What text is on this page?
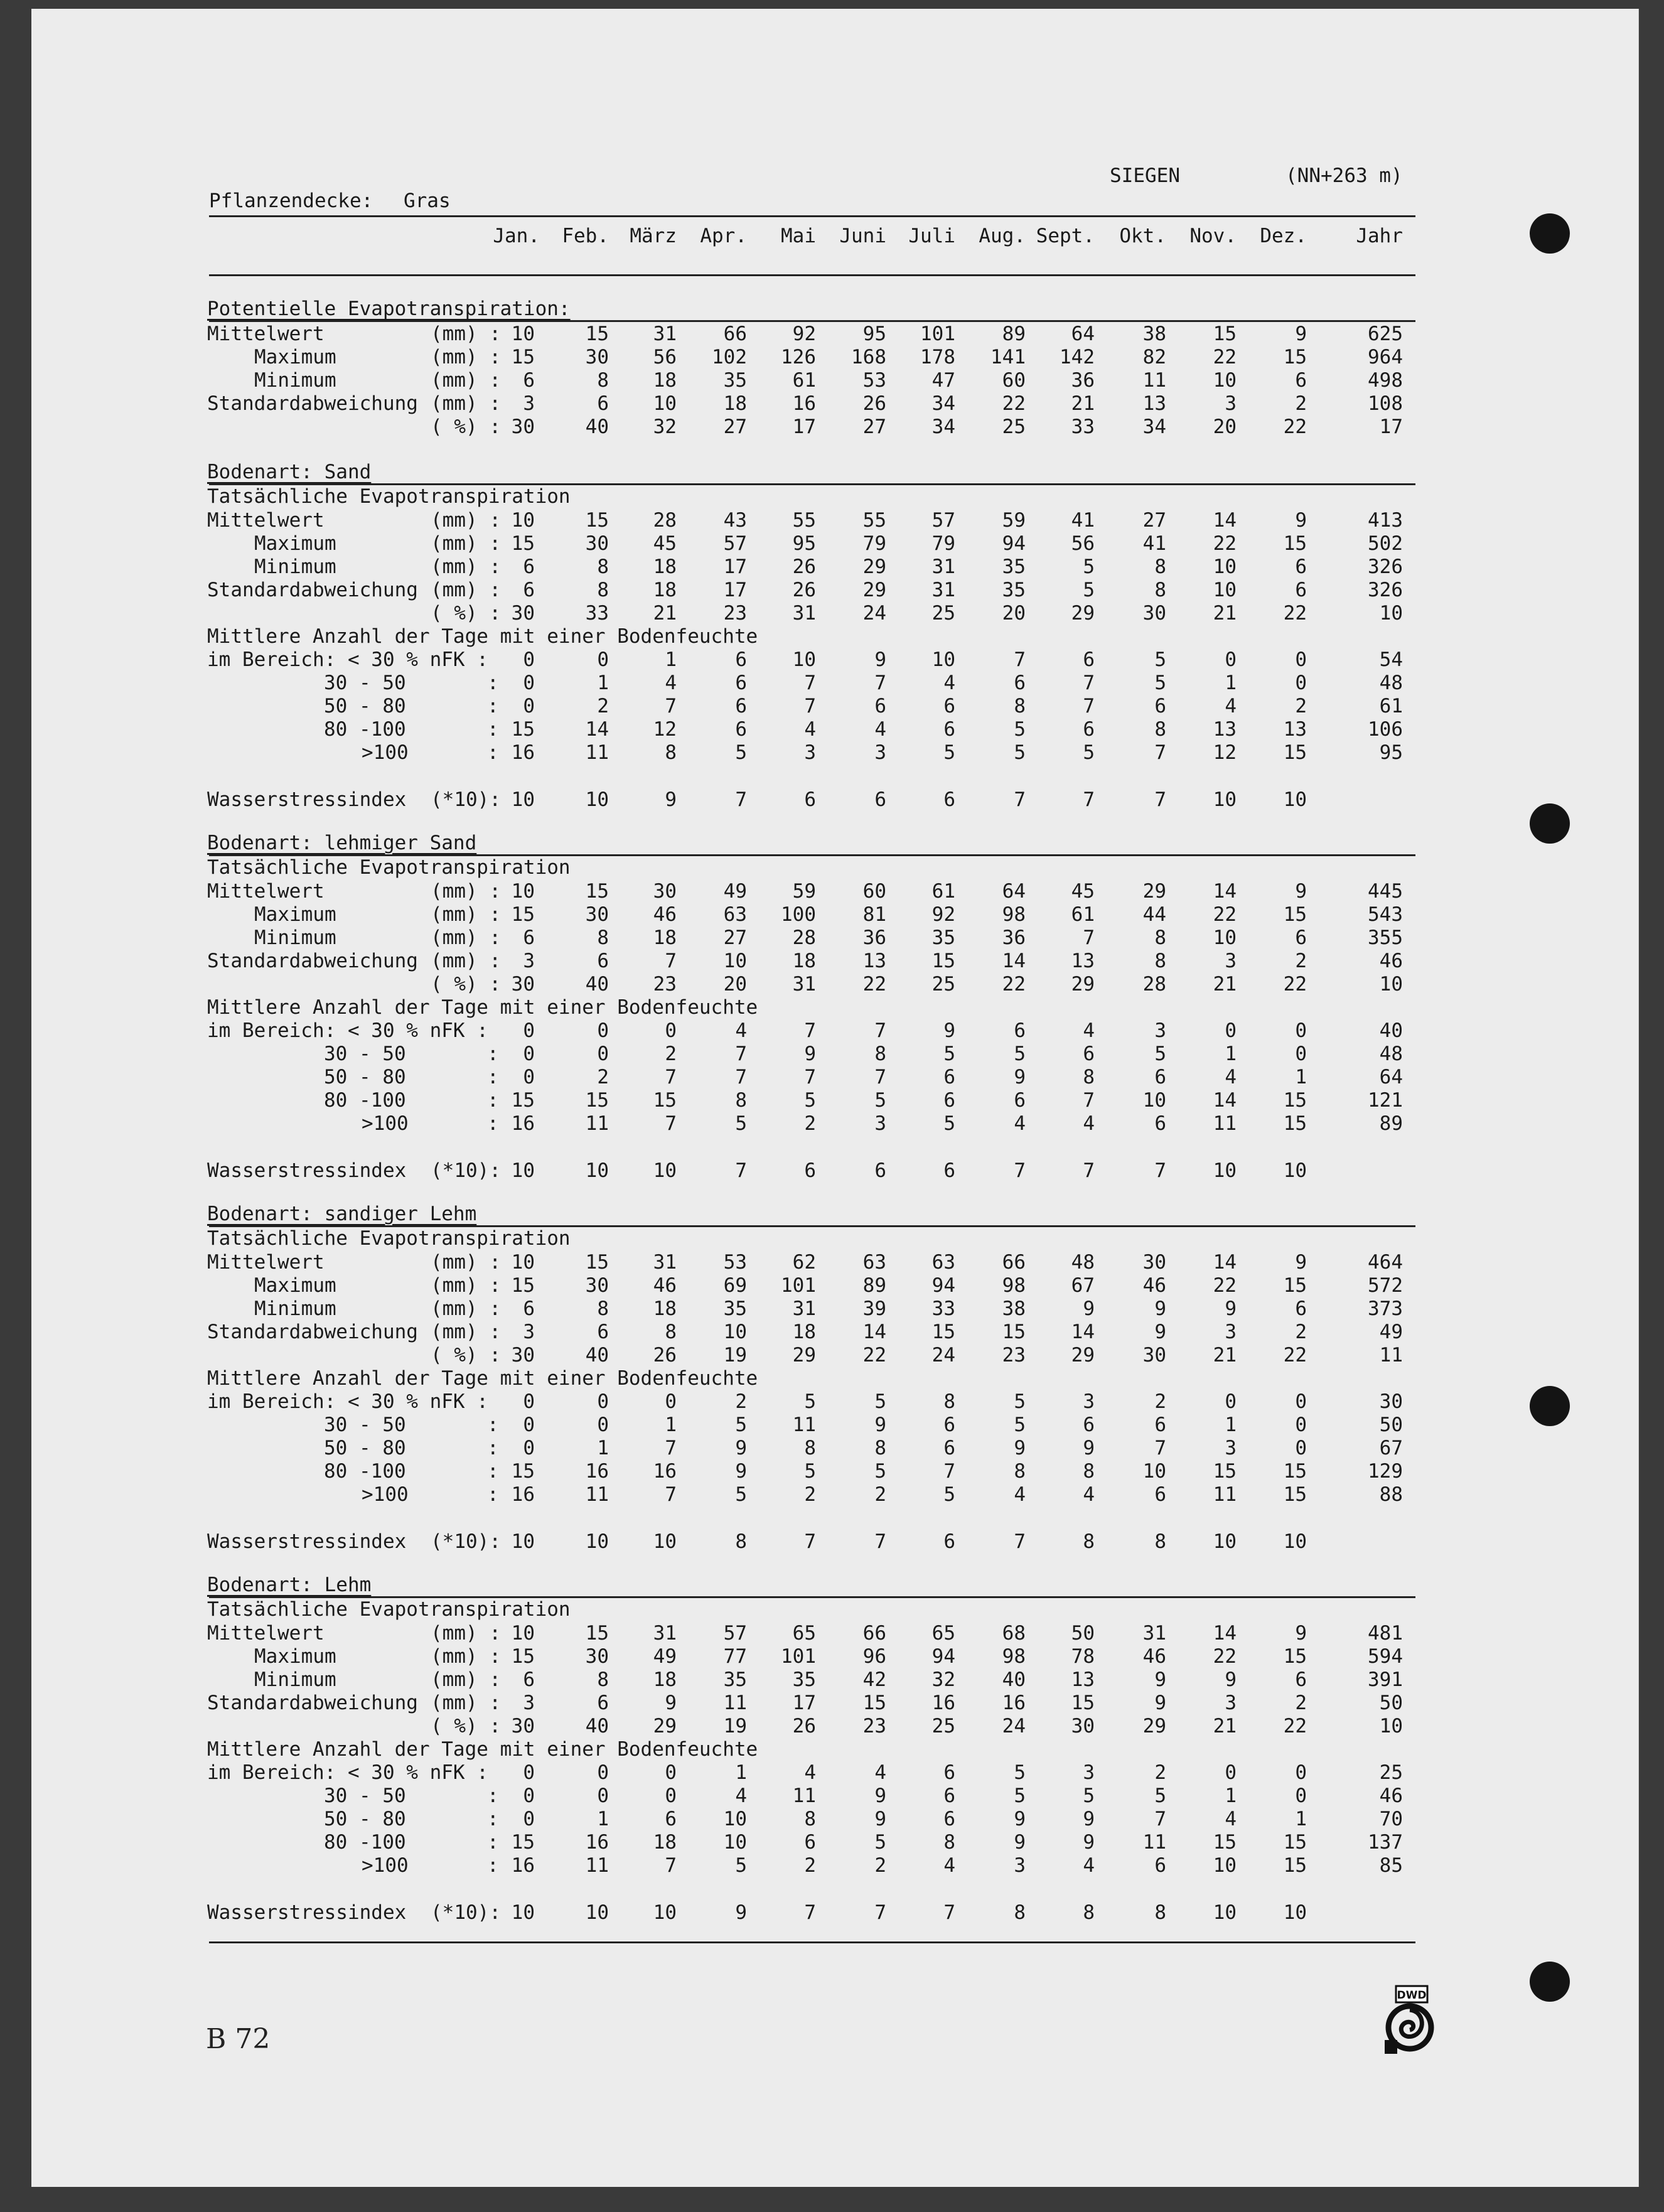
SIEGEN	(NN+263 m)
Pflanzendecke: Gras
Jan.	Feb.	März	Apr.	Mai	Juni	Juli	Aug. Sept.	Okt.	Nov.	Dez.	Jahr
Potentielle Evapotranspiration:
Mittelwert	(mm) : 10	15	31	66	92	95	101	89	64	38	15	9	625
Maximum	(mm) : 15	30	56	102	126	168	178	141	142	82	22	15	964
Minimum	(mm) :	6	8	18	35	61	53	47	60	36	11	10	6	498
Standardabweichung (mm) :	3	6	10	18	16	26	34	22	21	13	3	2	108
( %) : 30	40	32	27	17	27	34	25	33	34	20	22	17
Bodenart: Sand
Tatsächliche Evapotranspiration
Mittelwert	(mm) : 10	15	28	43	55	55	57	59	41	27	14	9	413
Maximum	(mm) : 15	30	45	57	95	79	79	94	56	41	22	15	502
Minimum	(mm) :	6	8	18	17	26	29	31	35	5	8	10	6	326
Standardabweichung (mm) :	6	8	18	17	26	29	31	35	5	8	10	6	326
( %) : 30	33	21	23	31	24	25	20	29	30	21	22	10
Mittlere Anzahl der Tage mit einer Bodenfeuchte
im Bereich: < 30 % nFK :	0	0	1	6	10	9	10	7	6	5	0	0	54
30 - 50	:	0	1	4	6	7	7	4	6	7	5	1	0	48
50 - 80	:	0	2	7	6	7	6	6	8	7	6	4	2	61
80 -100	: 15	14	12	6	4	4	6	5	6	8	13	13	106
>100	: 16	11	8	5	3	3	5	5	5	7	12	15	95
Wasserstressindex (*10): 10	10	9	7	6	6	6	7	7	7	10	10
Bodenart: lehmiger Sand
Tatsächliche Evapotranspiration
Mittelwert	(mm) : 10	15	30	49	59	60	61	64	45	29	14	9	445
Maximum	(mm) : 15	30	46	63	100	81	92	98	61	44	22	15	543
Minimum	(mm) :	6	8	18	27	28	36	35	36	7	8	10	6	355
Standardabweichung (mm) :	3	6	7	10	18	13	15	14	13	8	3	2	46
( %) : 30	40	23	20	31	22	25	22	29	28	21	22	10
Mittlere Anzahl der Tage mit einer Bodenfeuchte
im Bereich: < 30 % nFK :	0	0	0	4	7	7	9	6	4	3	0	0	40
30 - 50	:	0	0	2	7	9	8	5	5	6	5	1	0	48
50 - 80	:	0	2	7	7	7	7	6	9	8	6	4	1	64
80 -100	: 15	15	15	8	5	5	6	6	7	10	14	15	121
>100	: 16	11	7	5	2	3	5	4	4	6	11	15	89
Wasserstressindex (*10): 10	10	10	7	6	6	6	7	7	7	10	10
Bodenart: sandiger Lehm
Tatsächliche Evapotranspiration
Mittelwert	(mm) : 10	15	31	53	62	63	63	66	48	30	14	9	464
Maximum	(mm) : 15	30	46	69	101	89	94	98	67	46	22	15	572
Minimum	(mm) :	6	8	18	35	31	39	33	38	9	9	9	6	373
Standardabweichung (mm) :	3	6	8	10	18	14	15	15	14	9	3	2	49
( %) : 30	40	26	19	29	22	24	23	29	30	21	22	11
Mittlere Anzahl der Tage mit einer Bodenfeuchte
im Bereich: < 30 % nFK :	0	0	0	2	5	5	8	5	3	2	0	0	30
30 - 50	:	0	0	1	5	11	9	6	5	6	6	1	0	50
50 - 80	:	0	1	7	9	8	8	6	9	9	7	3	0	67
80 -100	: 15	16	16	9	5	5	7	8	8	10	15	15	129
>100	: 16	11	7	5	2	2	5	4	4	6	11	15	88
Wasserstressindex (*10): 10	10	10	8	7	7	6	7	8	8	10	10
Bodenart: Lehm
Tatsächliche Evapotranspiration
Mittelwert	(mm) : 10	15	31	57	65	66	65	68	50	31	14	9	481
Maximum	(mm) : 15	30	49	77	101	96	94	98	78	46	22	15	594
Minimum	(mm) :	6	8	18	35	35	42	32	40	13	9	9	6	391
Standardabweichung (mm) :	3	6	9	11	17	15	16	16	15	9	3	2	50
( %) : 30	40	29	19	26	23	25	24	30	29	21	22	10
Mittlere Anzahl der Tage mit einer Bodenfeuchte
im Bereich: < 30 % nFK :	0	0	0	1	4	4	6	5	3	2	0	0	25
30 - 50	:	0	0	0	4	11	9	6	5	5	5	1	0	46
50 - 80	:	0	1	6	10	8	9	6	9	9	7	4	1	70
80 -100	: 15	16	18	10	6	5	8	9	9	11	15	15	137
>100	: 16	11	7	5	2	2	4	3	4	6	10	15	85
Wasserstressindex (*10): 10	10	10	9	7	7	7	8	8	8	10	10
B 72
DWD
